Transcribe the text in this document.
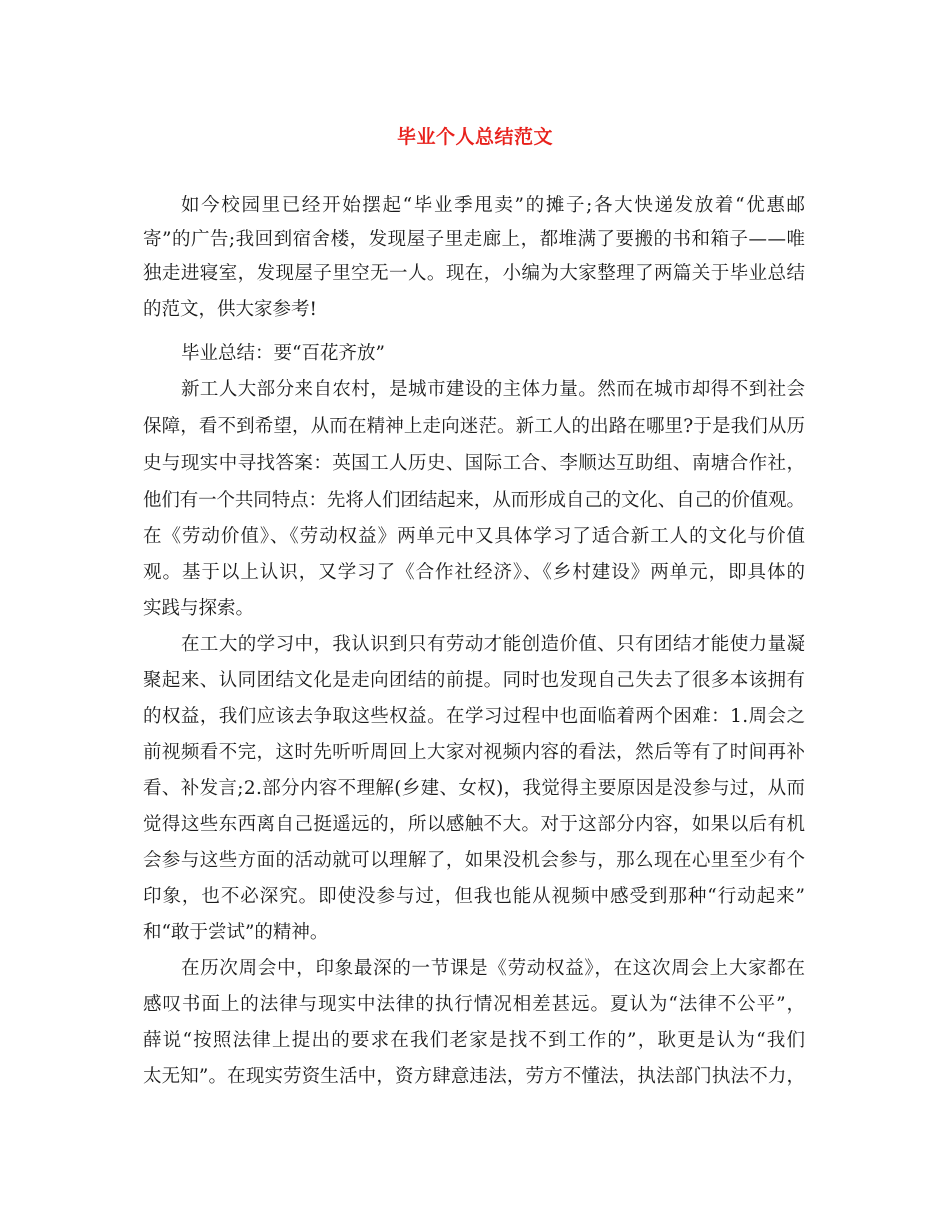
毕业个人总结范文
如今校园里已经开始摆起“毕业季甩卖”的摊子;各大快递发放着“优惠邮
寄”的广告;我回到宿舍楼，发现屋子里走廊上，都堆满了要搬的书和箱子——唯
独走进寝室，发现屋子里空无一人。现在，小编为大家整理了两篇关于毕业总结
的范文，供大家参考!
毕业总结：要“百花齐放”
新工人大部分来自农村，是城市建设的主体力量。然而在城市却得不到社会
保障，看不到希望，从而在精神上走向迷茫。新工人的出路在哪里?于是我们从历
史与现实中寻找答案：英国工人历史、国际工合、李顺达互助组、南塘合作社，
他们有一个共同特点：先将人们团结起来，从而形成自己的文化、自己的价值观。
在《劳动价值》、《劳动权益》两单元中又具体学习了适合新工人的文化与价值
观。基于以上认识，又学习了《合作社经济》、《乡村建设》两单元，即具体的
实践与探索。
在工大的学习中，我认识到只有劳动才能创造价值、只有团结才能使力量凝
聚起来、认同团结文化是走向团结的前提。同时也发现自己失去了很多本该拥有
的权益，我们应该去争取这些权益。在学习过程中也面临着两个困难：1.周会之
前视频看不完，这时先听听周回上大家对视频内容的看法，然后等有了时间再补
看、补发言;2.部分内容不理解(乡建、女权)，我觉得主要原因是没参与过，从而
觉得这些东西离自己挺遥远的，所以感触不大。对于这部分内容，如果以后有机
会参与这些方面的活动就可以理解了，如果没机会参与，那么现在心里至少有个
印象，也不必深究。即使没参与过，但我也能从视频中感受到那种“行动起来”
和“敢于尝试”的精神。
在历次周会中，印象最深的一节课是《劳动权益》，在这次周会上大家都在
感叹书面上的法律与现实中法律的执行情况相差甚远。夏认为“法律不公平”，
薛说“按照法律上提出的要求在我们老家是找不到工作的”，耿更是认为“我们
太无知”。在现实劳资生活中，资方肆意违法，劳方不懂法，执法部门执法不力，
